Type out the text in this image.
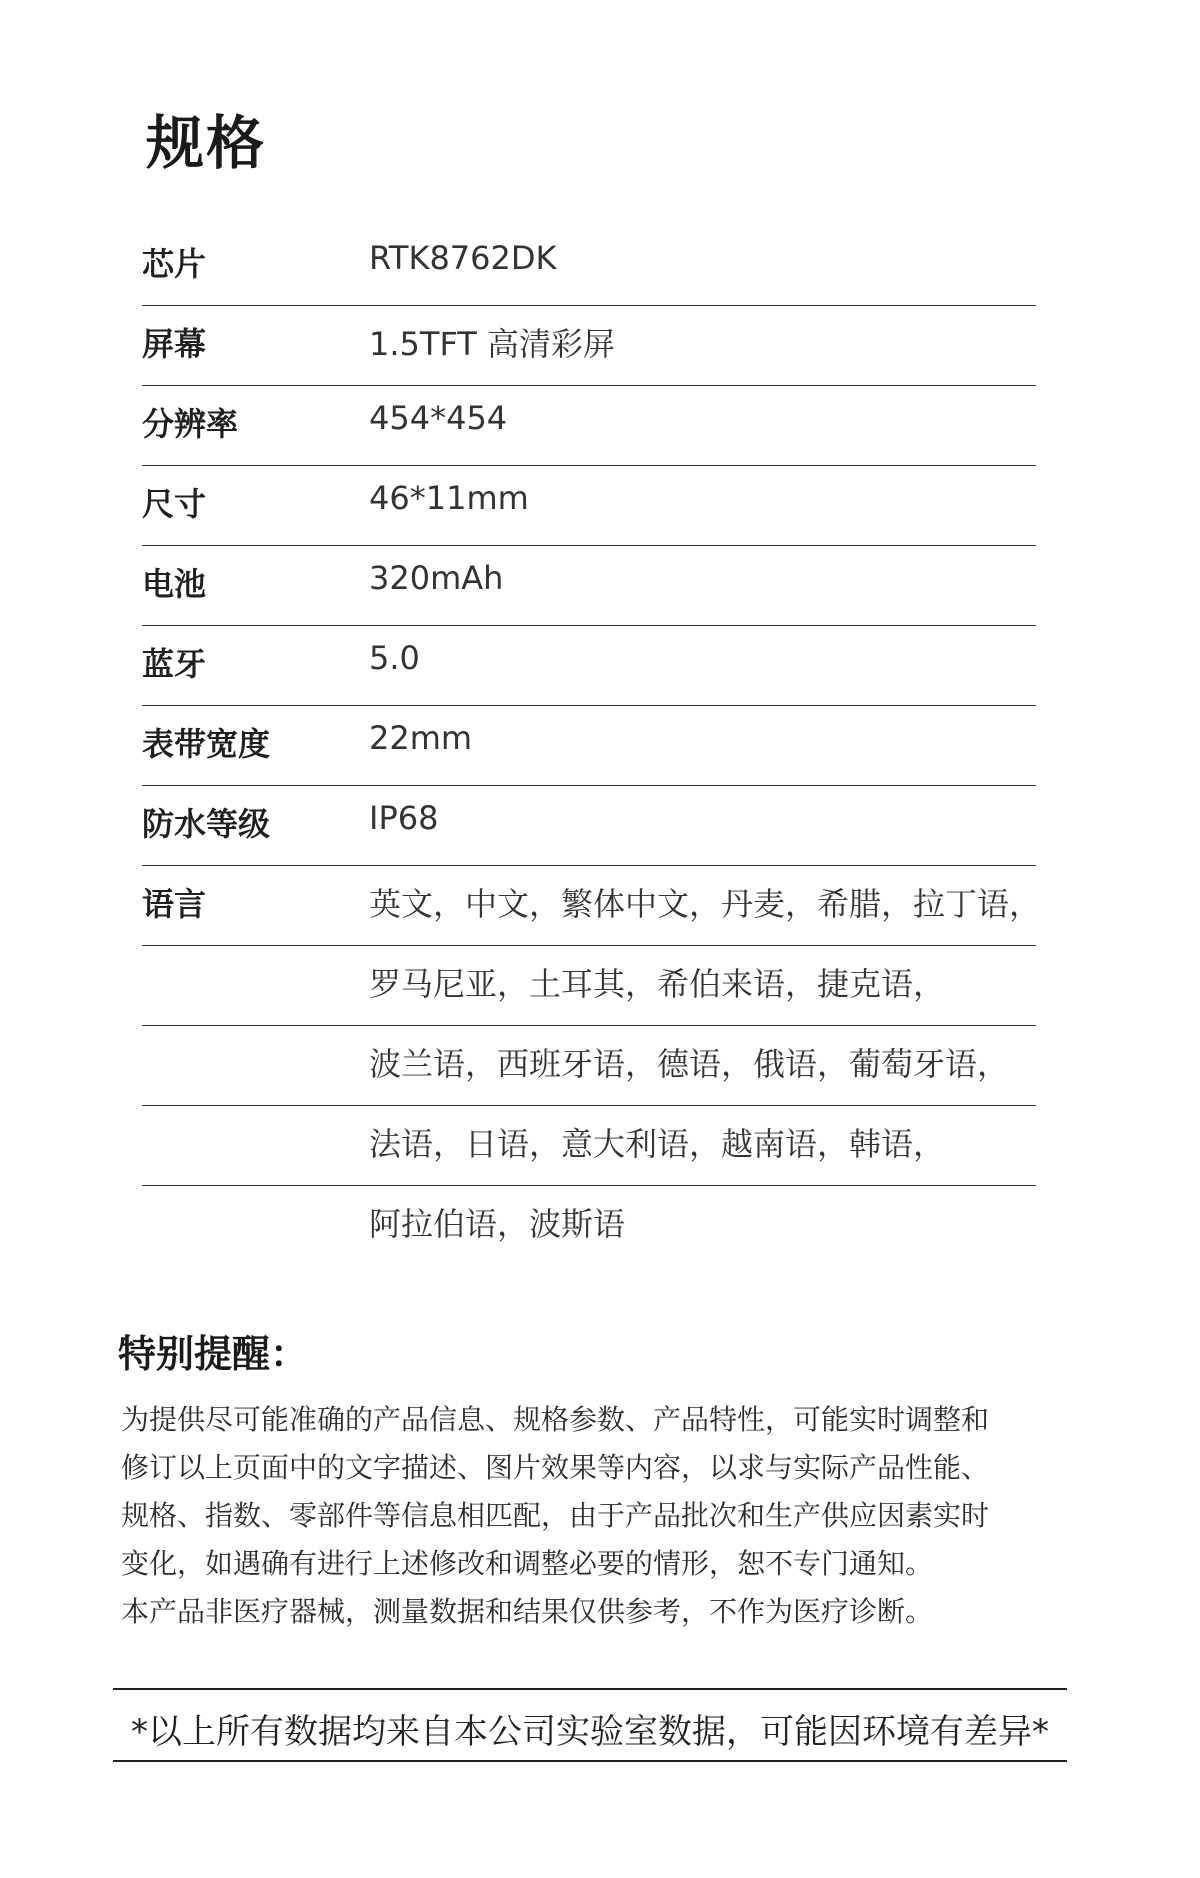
规格
芯片	RTK8762DK
屏幕	1.5TFT 高清彩屏
分辨率	454*454
尺寸	46*11mm
电池	320mAh
蓝牙	5.0
表带宽度	22mm
防水等级	IP68
语言	英文，中文，繁体中文，丹麦，希腊，拉丁语，
罗马尼亚，土耳其，希伯来语，捷克语，
波兰语，西班牙语，德语，俄语，葡萄牙语，
法语，日语，意大利语，越南语，韩语，
阿拉伯语，波斯语
特别提醒：
为提供尽可能准确的产品信息、规格参数、产品特性，可能实时调整和
修订以上页面中的文字描述、图片效果等内容，以求与实际产品性能、
规格、指数、零部件等信息相匹配，由于产品批次和生产供应因素实时
变化，如遇确有进行上述修改和调整必要的情形，恕不专门通知。
本产品非医疗器械，测量数据和结果仅供参考，不作为医疗诊断。
*以上所有数据均来自本公司实验室数据，可能因环境有差异*
